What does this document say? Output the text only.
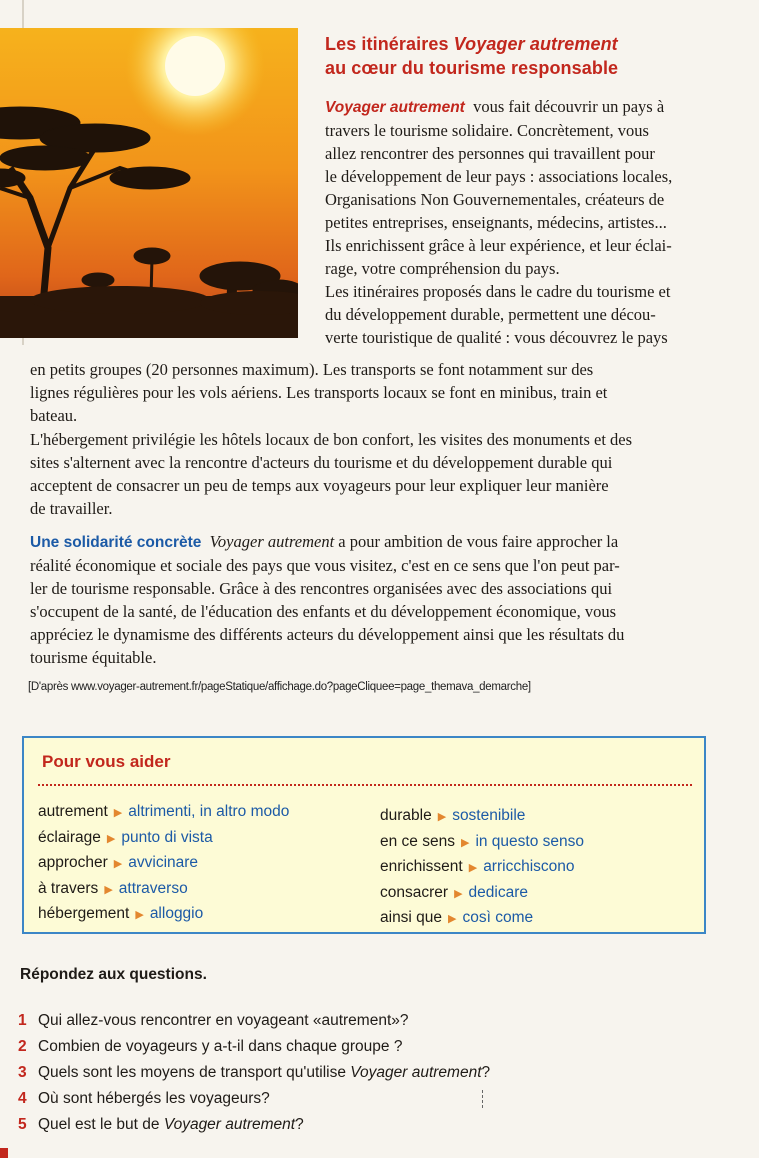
Les itinéraires Voyager autrement
au cœur du tourisme responsable
Voyager autrement vous fait découvrir un pays à
travers le tourisme solidaire. Concrètement, vous
allez rencontrer des personnes qui travaillent pour
le développement de leur pays : associations locales,
Organisations Non Gouvernementales, créateurs de
petites entreprises, enseignants, médecins, artistes...
Ils enrichissent grâce à leur expérience, et leur éclai-
rage, votre compréhension du pays.
Les itinéraires proposés dans le cadre du tourisme et
du développement durable, permettent une décou-
verte touristique de qualité : vous découvrez le pays
en petits groupes (20 personnes maximum). Les transports se font notamment sur des
lignes régulières pour les vols aériens. Les transports locaux se font en minibus, train et
bateau.
L'hébergement privilégie les hôtels locaux de bon confort, les visites des monuments et des
sites s'alternent avec la rencontre d'acteurs du tourisme et du développement durable qui
acceptent de consacrer un peu de temps aux voyageurs pour leur expliquer leur manière
de travailler.
Une solidarité concrète Voyager autrement a pour ambition de vous faire approcher la
réalité économique et sociale des pays que vous visitez, c'est en ce sens que l'on peut par-
ler de tourisme responsable. Grâce à des rencontres organisées avec des associations qui
s'occupent de la santé, de l'éducation des enfants et du développement économique, vous
appréciez le dynamisme des différents acteurs du développement ainsi que les résultats du
tourisme équitable.
[D'après www.voyager-autrement.fr/pageStatique/affichage.do?pageCliquee=page_themava_demarche]
Pour vous aider
autrement ▶ altrimenti, in altro modo
éclairage ▶ punto di vista
approcher ▶ avvicinare
à travers ▶ attraverso
hébergement ▶ alloggio
durable ▶ sostenibile
en ce sens ▶ in questo senso
enrichissent ▶ arricchiscono
consacrer ▶ dedicare
ainsi que ▶ così come
Répondez aux questions.
1 Qui allez-vous rencontrer en voyageant «autrement»?
2 Combien de voyageurs y a-t-il dans chaque groupe ?
3 Quels sont les moyens de transport qu'utilise Voyager autrement?
4 Où sont hébergés les voyageurs?
5 Quel est le but de Voyager autrement?
